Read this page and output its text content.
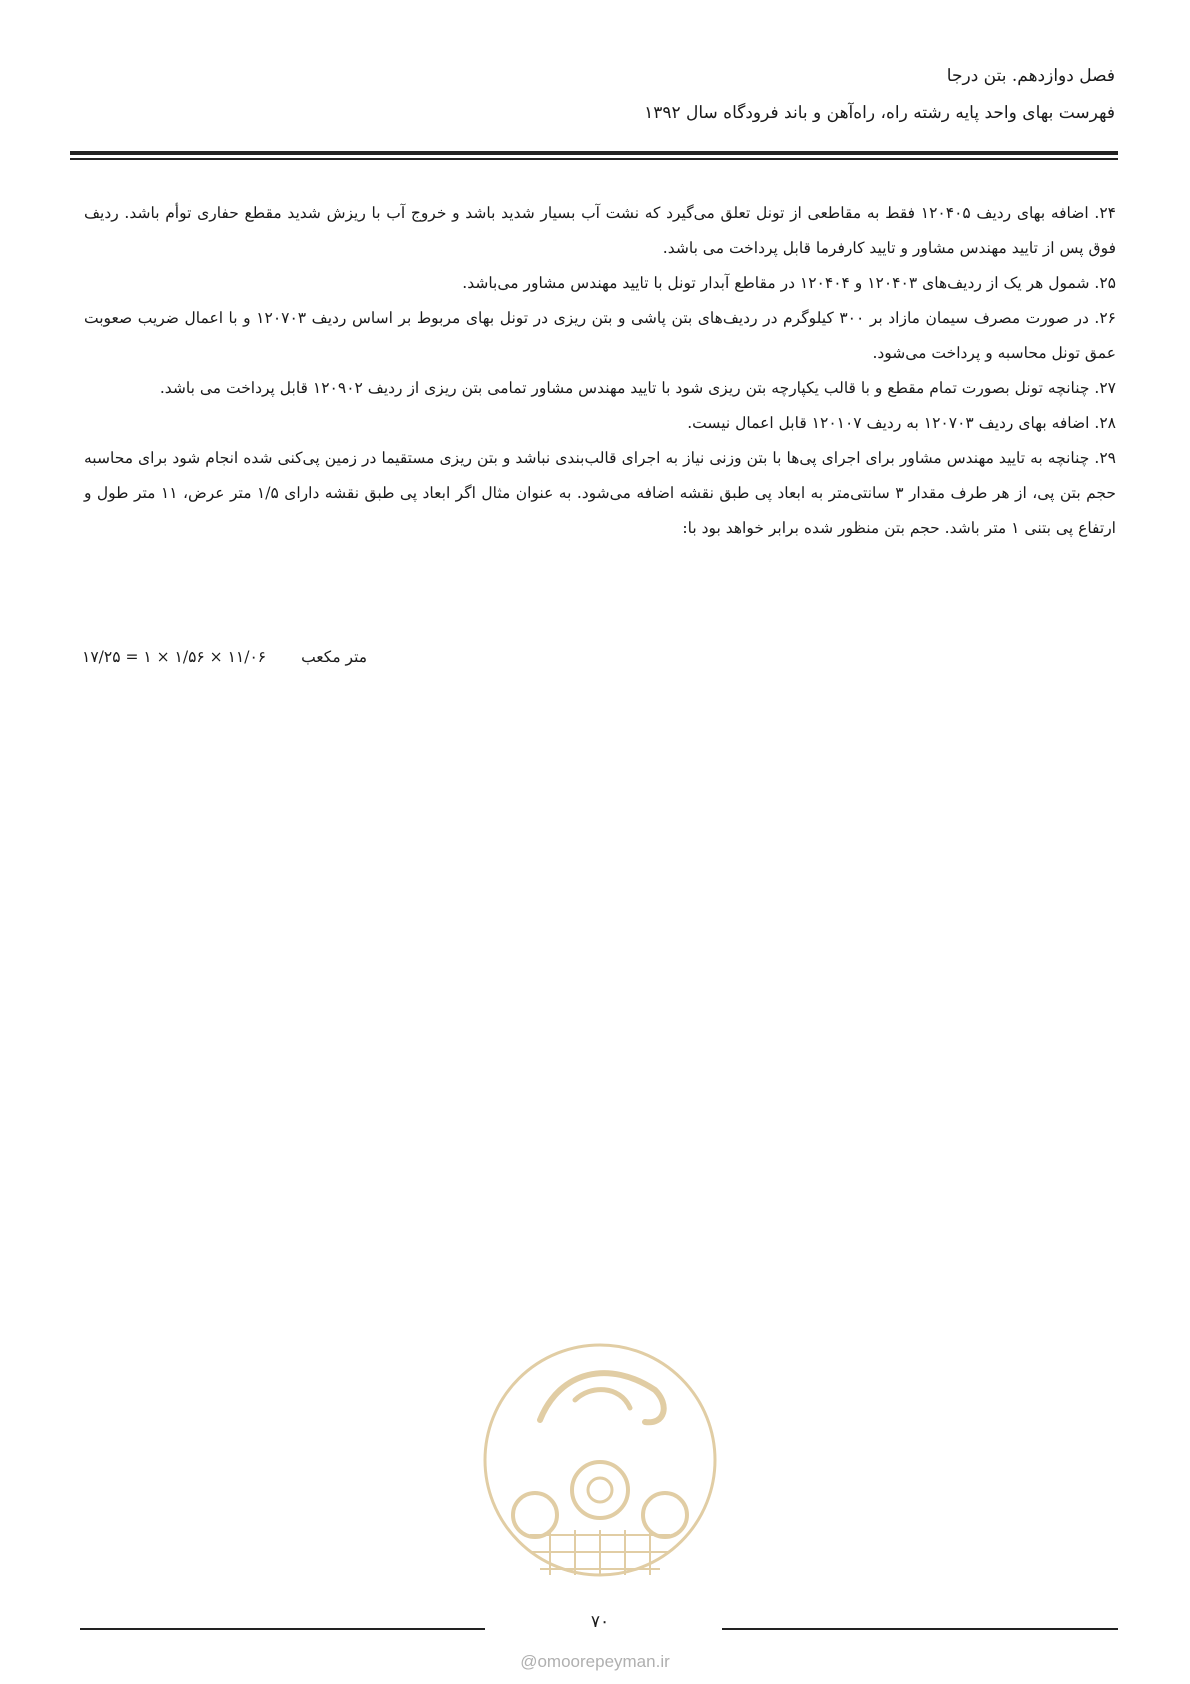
فصل دوازدهم. بتن درجا
فهرست بهای واحد پایه رشته راه، راه‌آهن و باند فرودگاه سال ۱۳۹۲

۲۴. اضافه بهای ردیف ۱۲۰۴۰۵ فقط به مقاطعی از تونل تعلق می‌گیرد که نشت آب بسیار شدید باشد و خروج آب با ریزش شدید مقطع حفاری توأم باشد. ردیف فوق پس از تایید مهندس مشاور و تایید کارفرما قابل پرداخت می باشد.

۲۵. شمول هر یک از ردیف‌های ۱۲۰۴۰۳ و ۱۲۰۴۰۴ در مقاطع آبدار تونل با تایید مهندس مشاور می‌باشد.

۲۶. در صورت مصرف سیمان مازاد بر ۳۰۰ کیلوگرم در ردیف‌های بتن پاشی و بتن ریزی در تونل بهای مربوط بر اساس ردیف ۱۲۰۷۰۳ و با اعمال ضریب صعوبت عمق تونل محاسبه و پرداخت می‌شود.

۲۷. چنانچه تونل بصورت تمام مقطع و با قالب یکپارچه بتن ریزی شود با تایید مهندس مشاور تمامی بتن ریزی از ردیف ۱۲۰۹۰۲ قابل پرداخت می باشد.

۲۸. اضافه بهای ردیف ۱۲۰۷۰۳ به ردیف ۱۲۰۱۰۷ قابل اعمال نیست.

۲۹. چنانچه به تایید مهندس مشاور برای اجرای پی‌ها با بتن وزنی نیاز به اجرای قالب‌بندی نباشد و بتن ریزی مستقیما در زمین پی‌کنی شده انجام شود برای محاسبه حجم بتن پی، از هر طرف مقدار ۳ سانتی‌متر به ابعاد پی طبق نقشه اضافه می‌شود. به عنوان مثال اگر ابعاد پی طبق نقشه دارای ۱/۵ متر عرض، ۱۱ متر طول و ارتفاع پی بتنی ۱ متر باشد. حجم بتن منظور شده برابر خواهد بود با:

۱۱/۰۶ × ۱/۵۶ × ۱ = ۱۷/۲۵ متر مکعب
۷۰
@omoorepeyman.ir
